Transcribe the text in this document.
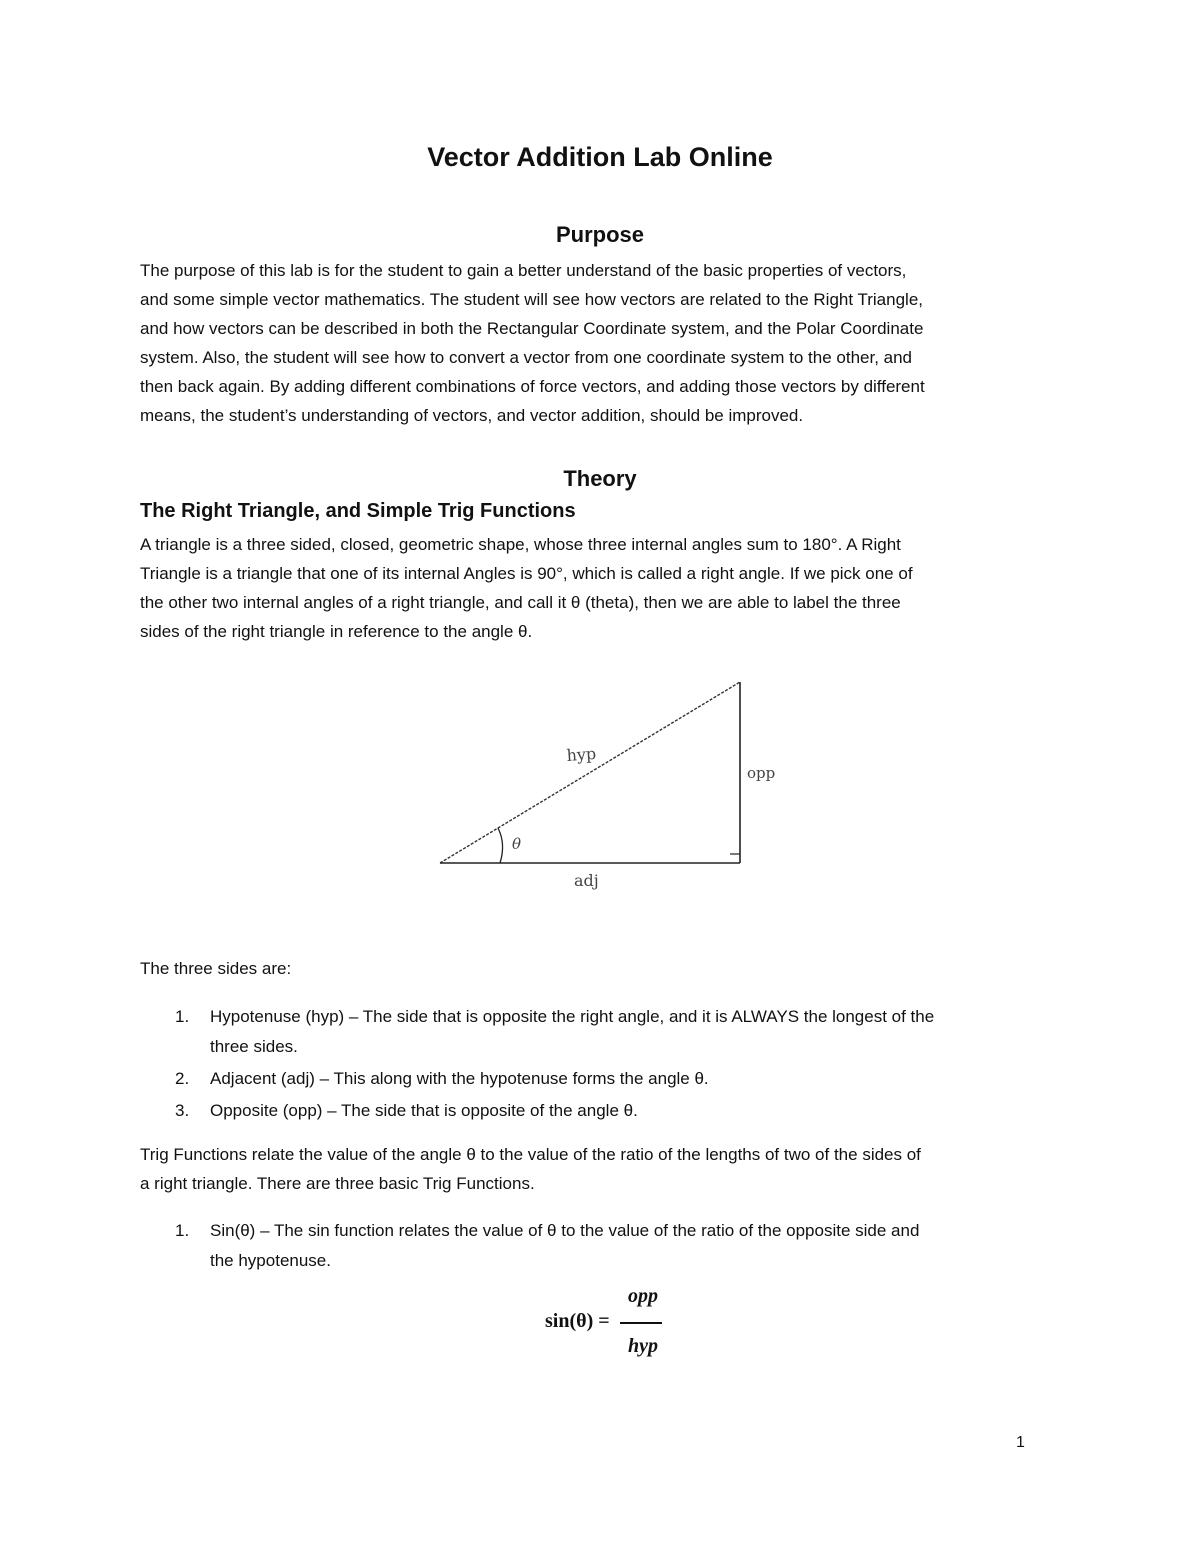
Vector Addition Lab Online
Purpose
The purpose of this lab is for the student to gain a better understand of the basic properties of vectors,
and some simple vector mathematics. The student will see how vectors are related to the Right Triangle,
and how vectors can be described in both the Rectangular Coordinate system, and the Polar Coordinate
system. Also, the student will see how to convert a vector from one coordinate system to the other, and
then back again. By adding different combinations of force vectors, and adding those vectors by different
means, the student’s understanding of vectors, and vector addition, should be improved.
Theory
The Right Triangle, and Simple Trig Functions
A triangle is a three sided, closed, geometric shape, whose three internal angles sum to 180°. A Right
Triangle is a triangle that one of its internal Angles is 90°, which is called a right angle. If we pick one of
the other two internal angles of a right triangle, and call it θ (theta), then we are able to label the three
sides of the right triangle in reference to the angle θ.
hyp
opp
adj
θ
The three sides are:
1. Hypotenuse (hyp) – The side that is opposite the right angle, and it is ALWAYS the longest of the
three sides.
2. Adjacent (adj) – This along with the hypotenuse forms the angle θ.
3. Opposite (opp) – The side that is opposite of the angle θ.
Trig Functions relate the value of the angle θ to the value of the ratio of the lengths of two of the sides of
a right triangle. There are three basic Trig Functions.
1. Sin(θ) – The sin function relates the value of θ to the value of the ratio of the opposite side and
the hypotenuse.
sin(θ) =
opp
hyp
1
